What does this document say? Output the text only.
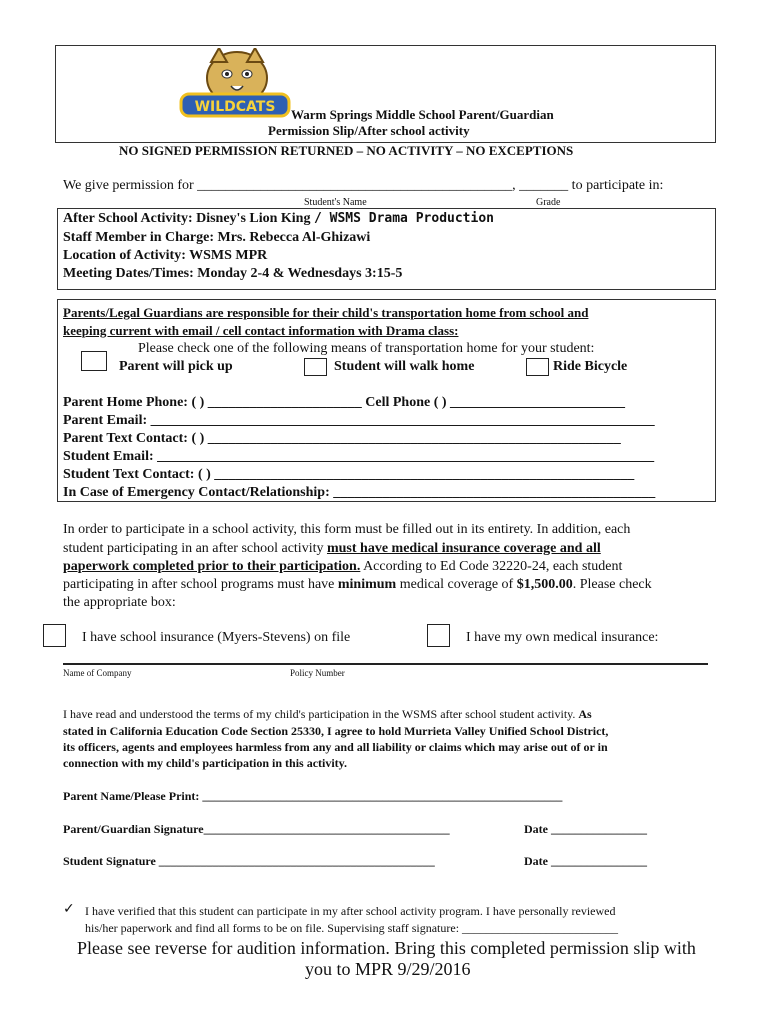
WILDCATS Warm Springs Middle School Parent/Guardian
Permission Slip/After school activity
NO SIGNED PERMISSION RETURNED – NO ACTIVITY – NO EXCEPTIONS
We give permission for _____________________________________________, _______ to participate in:
Student's Name	Grade
After School Activity: Disney's Lion King / WSMS Drama Production
Staff Member in Charge: Mrs. Rebecca Al-Ghizawi
Location of Activity: WSMS MPR
Meeting Dates/Times: Monday 2-4 & Wednesdays 3:15-5
Parents/Legal Guardians are responsible for their child's transportation home from school and
keeping current with email / cell contact information with Drama class:
Please check one of the following means of transportation home for your student:
Parent will pick up	Student will walk home	Ride Bicycle
Parent Home Phone: ( ) ______________________ Cell Phone ( ) _________________________
Parent Email: ________________________________________________________________________
Parent Text Contact: ( ) ___________________________________________________________
Student Email: _______________________________________________________________________
Student Text Contact: ( ) ____________________________________________________________
In Case of Emergency Contact/Relationship: ______________________________________________
In order to participate in a school activity, this form must be filled out in its entirety. In addition, each
student participating in an after school activity must have medical insurance coverage and all
paperwork completed prior to their participation. According to Ed Code 32220-24, each student
participating in after school programs must have minimum medical coverage of $1,500.00. Please check
the appropriate box:
I have school insurance (Myers-Stevens) on file	I have my own medical insurance:
Name of Company	Policy Number
I have read and understood the terms of my child's participation in the WSMS after school student activity. As
stated in California Education Code Section 25330, I agree to hold Murrieta Valley Unified School District,
its officers, agents and employees harmless from any and all liability or claims which may arise out of or in
connection with my child's participation in this activity.
Parent Name/Please Print: ____________________________________________________________
Parent/Guardian Signature_________________________________________	Date ________________
Student Signature ______________________________________________	Date ________________
✓ I have verified that this student can participate in my after school activity program. I have personally reviewed
his/her paperwork and find all forms to be on file. Supervising staff signature: __________________________
Please see reverse for audition information. Bring this completed permission slip with
you to MPR 9/29/2016
